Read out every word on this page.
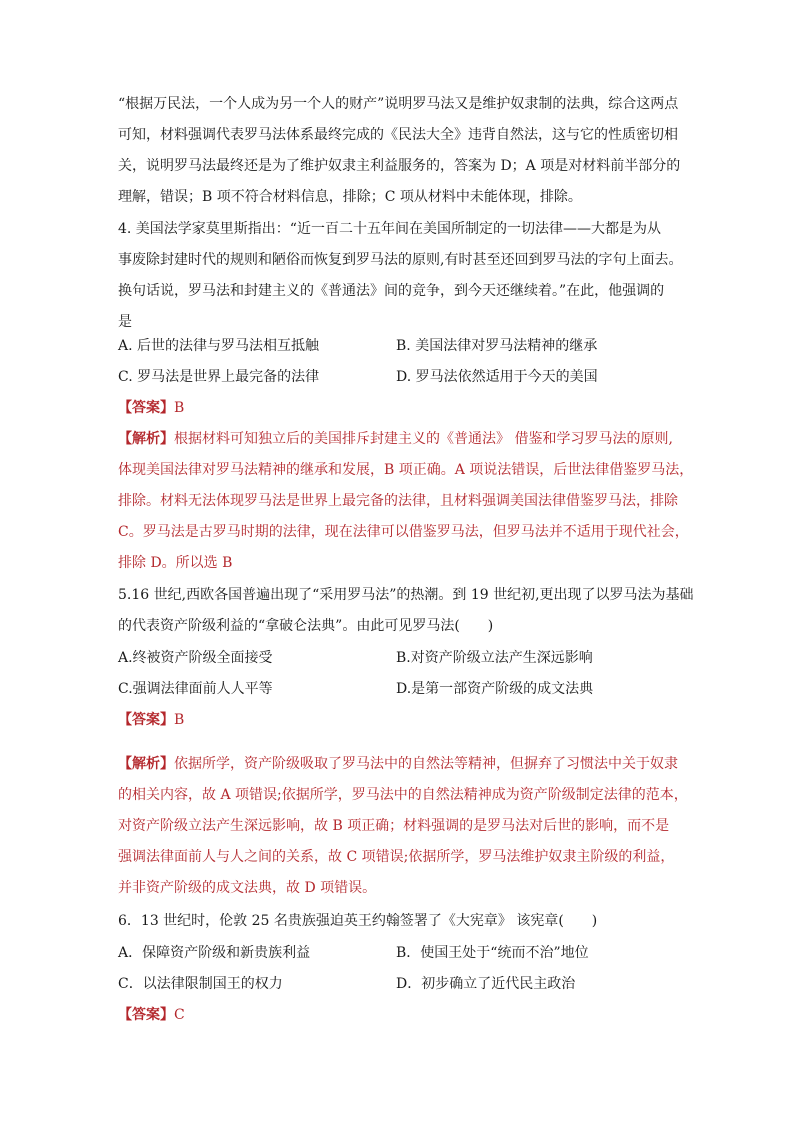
“根据万民法，一个人成为另一个人的财产”说明罗马法又是维护奴隶制的法典，综合这两点
可知，材料强调代表罗马法体系最终完成的《民法大全》违背自然法，这与它的性质密切相
关，说明罗马法最终还是为了维护奴隶主利益服务的，答案为 D；A 项是对材料前半部分的
理解，错误；B 项不符合材料信息，排除；C 项从材料中未能体现，排除。
4. 美国法学家莫里斯指出：“近一百二十五年间在美国所制定的一切法律——大都是为从
事废除封建时代的规则和陋俗而恢复到罗马法的原则,有时甚至还回到罗马法的字句上面去。
换句话说，罗马法和封建主义的《普通法》间的竞争，到今天还继续着。”在此，他强调的
是
A. 后世的法律与罗马法相互抵触	B. 美国法律对罗马法精神的继承
C. 罗马法是世界上最完备的法律	D. 罗马法依然适用于今天的美国
【答案】B
【解析】根据材料可知独立后的美国排斥封建主义的《普通法》 借鉴和学习罗马法的原则,
体现美国法律对罗马法精神的继承和发展，B 项正确。A 项说法错误，后世法律借鉴罗马法，
排除。材料无法体现罗马法是世界上最完备的法律，且材料强调美国法律借鉴罗马法，排除
C。罗马法是古罗马时期的法律，现在法律可以借鉴罗马法，但罗马法并不适用于现代社会，
排除 D。所以选 B
5.16 世纪,西欧各国普遍出现了“采用罗马法”的热潮。到 19 世纪初,更出现了以罗马法为基础
的代表资产阶级利益的“拿破仑法典”。由此可见罗马法(　　)
A.终被资产阶级全面接受	B.对资产阶级立法产生深远影响
C.强调法律面前人人平等	D.是第一部资产阶级的成文法典
【答案】B
【解析】依据所学，资产阶级吸取了罗马法中的自然法等精神，但摒弃了习惯法中关于奴隶
的相关内容，故 A 项错误;依据所学，罗马法中的自然法精神成为资产阶级制定法律的范本，
对资产阶级立法产生深远影响，故 B 项正确；材料强调的是罗马法对后世的影响，而不是
强调法律面前人与人之间的关系，故 C 项错误;依据所学，罗马法维护奴隶主阶级的利益，
并非资产阶级的成文法典，故 D 项错误。
6．13 世纪时，伦敦 25 名贵族强迫英王约翰签署了《大宪章》 该宪章(　　)
A．保障资产阶级和新贵族利益	B．使国王处于“统而不治”地位
C．以法律限制国王的权力	D．初步确立了近代民主政治
【答案】C
